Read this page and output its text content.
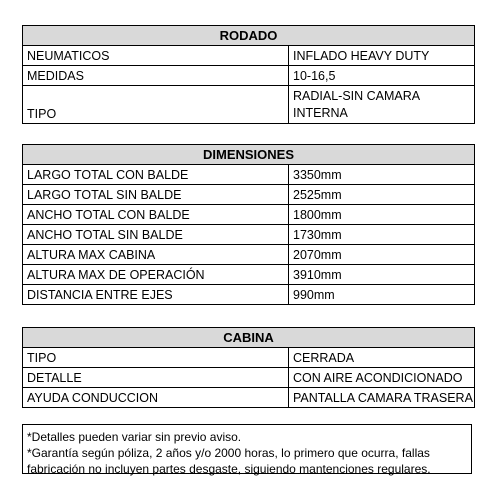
RODADO	
NEUMATICOS	INFLADO HEAVY DUTY
MEDIDAS	10-16,5
TIPO	RADIAL-SIN CAMARA INTERNA
DIMENSIONES	
LARGO TOTAL CON BALDE	3350mm
LARGO TOTAL SIN BALDE	2525mm
ANCHO TOTAL CON BALDE	1800mm
ANCHO TOTAL SIN BALDE	1730mm
ALTURA MAX CABINA	2070mm
ALTURA MAX DE OPERACIÓN	3910mm
DISTANCIA ENTRE EJES	990mm
CABINA	
TIPO	CERRADA
DETALLE	CON AIRE ACONDICIONADO
AYUDA CONDUCCION	PANTALLA CAMARA TRASERA
*Detalles pueden variar sin previo aviso.
*Garantía según póliza, 2 años y/o 2000 horas, lo primero que ocurra, fallas
fabricación no incluyen partes desgaste, siguiendo mantenciones regulares.
